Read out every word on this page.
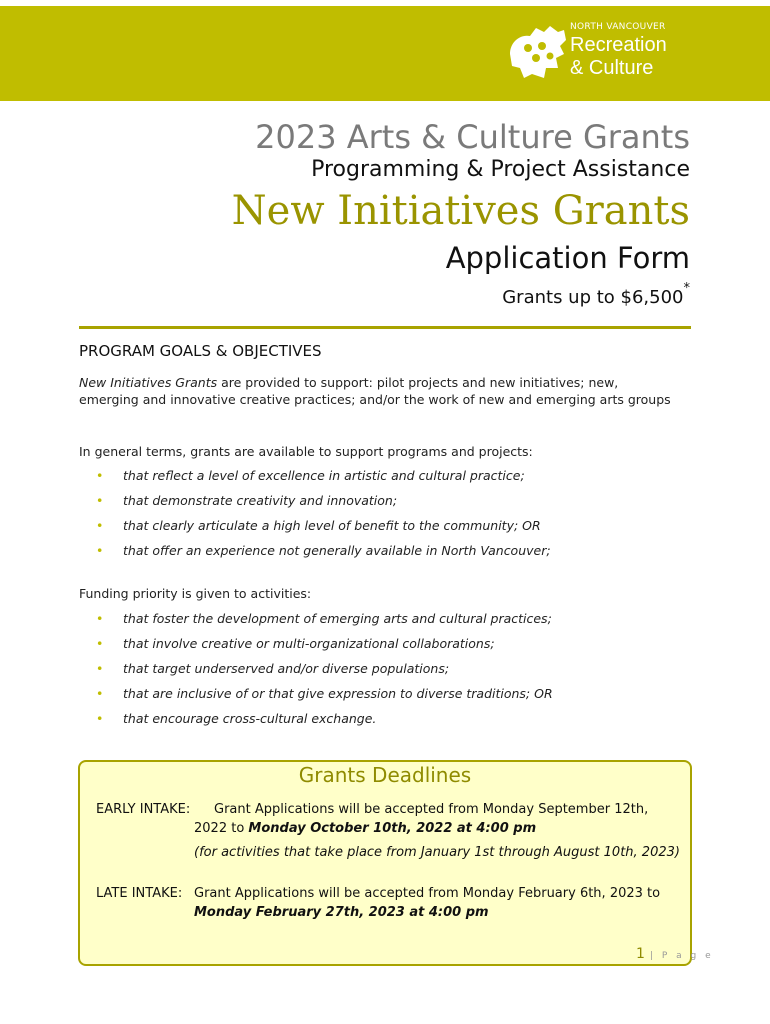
NORTH VANCOUVER
Recreation
& Culture
2023 Arts & Culture Grants
Programming & Project Assistance
New Initiatives Grants
Application Form
Grants up to $6,500*
PROGRAM GOALS & OBJECTIVES
New Initiatives Grants are provided to support: pilot projects and new initiatives; new, emerging and innovative creative practices; and/or the work of new and emerging arts groups
In general terms, grants are available to support programs and projects:
• that reflect a level of excellence in artistic and cultural practice;
• that demonstrate creativity and innovation;
• that clearly articulate a high level of benefit to the community; OR
• that offer an experience not generally available in North Vancouver;
Funding priority is given to activities:
• that foster the development of emerging arts and cultural practices;
• that involve creative or multi-organizational collaborations;
• that target underserved and/or diverse populations;
• that are inclusive of or that give expression to diverse traditions; OR
• that encourage cross-cultural exchange.
Grants Deadlines
EARLY INTAKE: Grant Applications will be accepted from Monday September 12th,
2022 to Monday October 10th, 2022 at 4:00 pm
(for activities that take place from January 1st through August 10th, 2023)
LATE INTAKE: Grant Applications will be accepted from Monday February 6th, 2023 to
Monday February 27th, 2023 at 4:00 pm
1 | P a g e
